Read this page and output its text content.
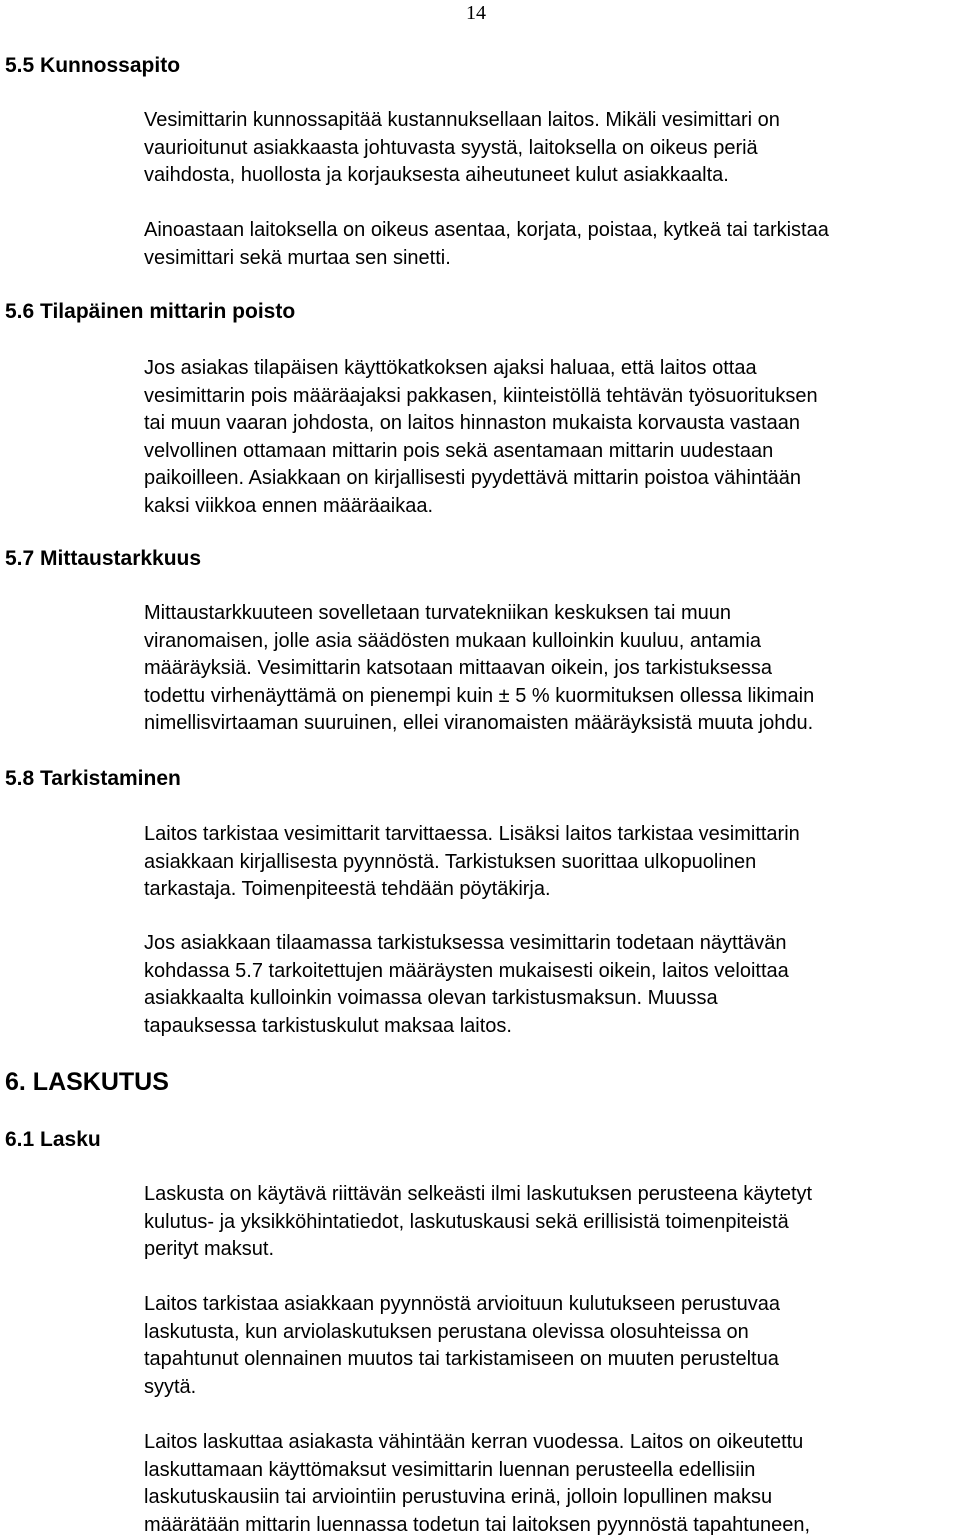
14
5.5 Kunnossapito

Vesimittarin kunnossapitää kustannuksellaan laitos. Mikäli vesimittari on
vaurioitunut asiakkaasta johtuvasta syystä, laitoksella on oikeus periä
vaihdosta, huollosta ja korjauksesta aiheutuneet kulut asiakkaalta.

Ainoastaan laitoksella on oikeus asentaa, korjata, poistaa, kytkeä tai tarkistaa
vesimittari sekä murtaa sen sinetti.

5.6 Tilapäinen mittarin poisto

Jos asiakas tilapäisen käyttökatkoksen ajaksi haluaa, että laitos ottaa
vesimittarin pois määräajaksi pakkasen, kiinteistöllä tehtävän työsuorituksen
tai muun vaaran johdosta, on laitos hinnaston mukaista korvausta vastaan
velvollinen ottamaan mittarin pois sekä asentamaan mittarin uudestaan
paikoilleen. Asiakkaan on kirjallisesti pyydettävä mittarin poistoa vähintään
kaksi viikkoa ennen määräaikaa.

5.7 Mittaustarkkuus

Mittaustarkkuuteen sovelletaan turvatekniikan keskuksen tai muun
viranomaisen, jolle asia säädösten mukaan kulloinkin kuuluu, antamia
määräyksiä. Vesimittarin katsotaan mittaavan oikein, jos tarkistuksessa
todettu virhenäyttämä on pienempi kuin ± 5 % kuormituksen ollessa likimain
nimellisvirtaaman suuruinen, ellei viranomaisten määräyksistä muuta johdu.

5.8 Tarkistaminen

Laitos tarkistaa vesimittarit tarvittaessa. Lisäksi laitos tarkistaa vesimittarin
asiakkaan kirjallisesta pyynnöstä. Tarkistuksen suorittaa ulkopuolinen
tarkastaja. Toimenpiteestä tehdään pöytäkirja.

Jos asiakkaan tilaamassa tarkistuksessa vesimittarin todetaan näyttävän
kohdassa 5.7 tarkoitettujen määräysten mukaisesti oikein, laitos veloittaa
asiakkaalta kulloinkin voimassa olevan tarkistusmaksun. Muussa
tapauksessa tarkistuskulut maksaa laitos.

6. LASKUTUS
6.1 Lasku

Laskusta on käytävä riittävän selkeästi ilmi laskutuksen perusteena käytetyt
kulutus- ja yksikköhintatiedot, laskutuskausi sekä erillisistä toimenpiteistä
perityt maksut.

Laitos tarkistaa asiakkaan pyynnöstä arvioituun kulutukseen perustuvaa
laskutusta, kun arviolaskutuksen perustana olevissa olosuhteissa on
tapahtunut olennainen muutos tai tarkistamiseen on muuten perusteltua
syytä.

Laitos laskuttaa asiakasta vähintään kerran vuodessa. Laitos on oikeutettu
laskuttamaan käyttömaksut vesimittarin luennan perusteella edellisiin
laskutuskausiin tai arviointiin perustuvina erinä, jolloin lopullinen maksu
määrätään mittarin luennassa todetun tai laitoksen pyynnöstä tapahtuneen,
